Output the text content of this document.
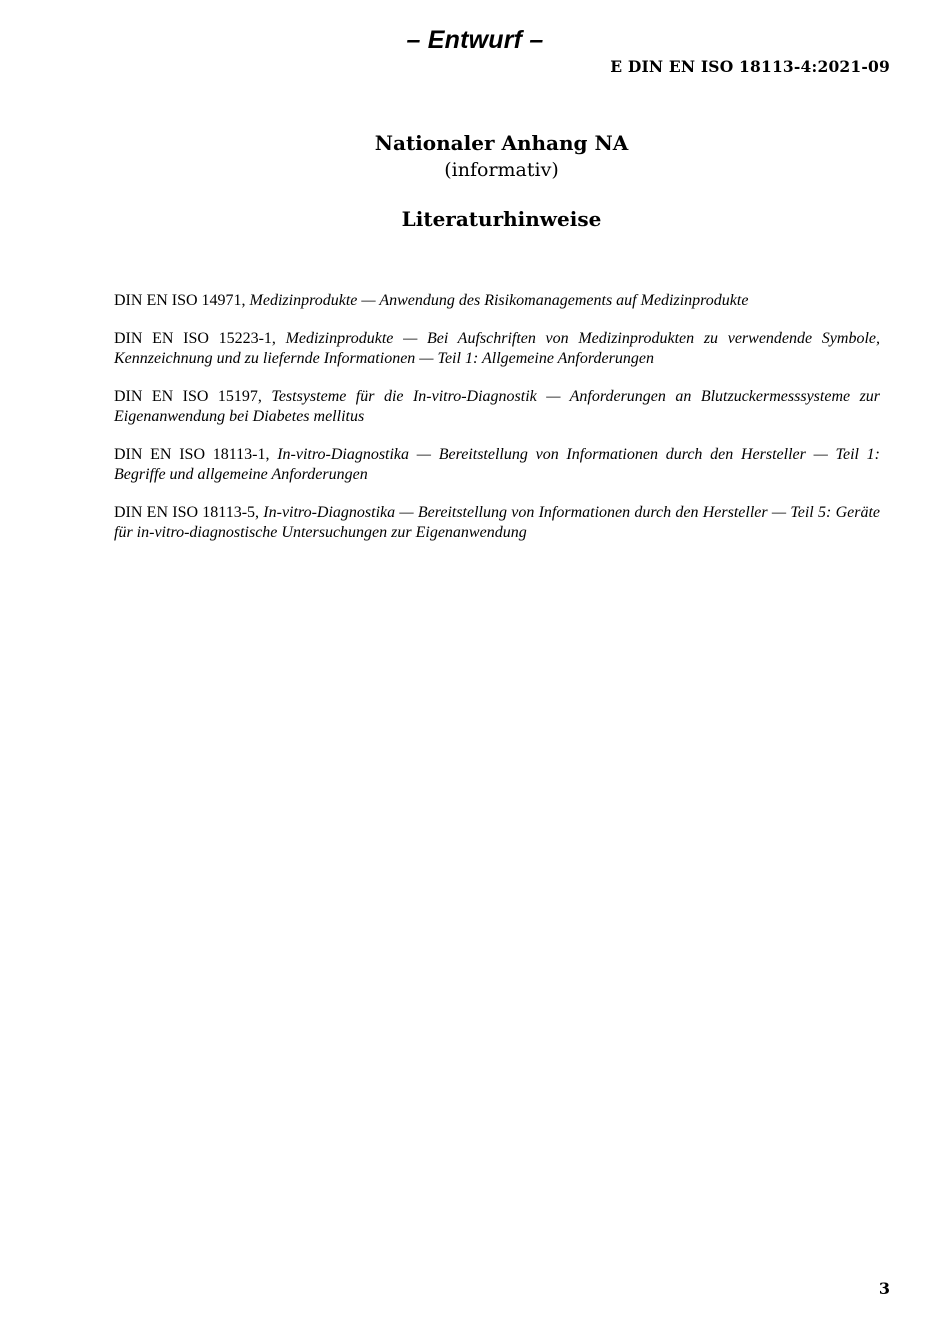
– Entwurf –
E DIN EN ISO 18113-4:2021-09
Nationaler Anhang NA
(informativ)
Literaturhinweise
DIN EN ISO 14971, Medizinprodukte — Anwendung des Risikomanagements auf Medizinprodukte
DIN EN ISO 15223-1, Medizinprodukte — Bei Aufschriften von Medizinprodukten zu verwendende Symbole, Kennzeichnung und zu liefernde Informationen — Teil 1: Allgemeine Anforderungen
DIN EN ISO 15197, Testsysteme für die In-vitro-Diagnostik — Anforderungen an Blutzuckermesssysteme zur Eigenanwendung bei Diabetes mellitus
DIN EN ISO 18113-1, In-vitro-Diagnostika — Bereitstellung von Informationen durch den Hersteller — Teil 1: Begriffe und allgemeine Anforderungen
DIN EN ISO 18113-5, In-vitro-Diagnostika — Bereitstellung von Informationen durch den Hersteller — Teil 5: Geräte für in-vitro-diagnostische Untersuchungen zur Eigenanwendung
3
